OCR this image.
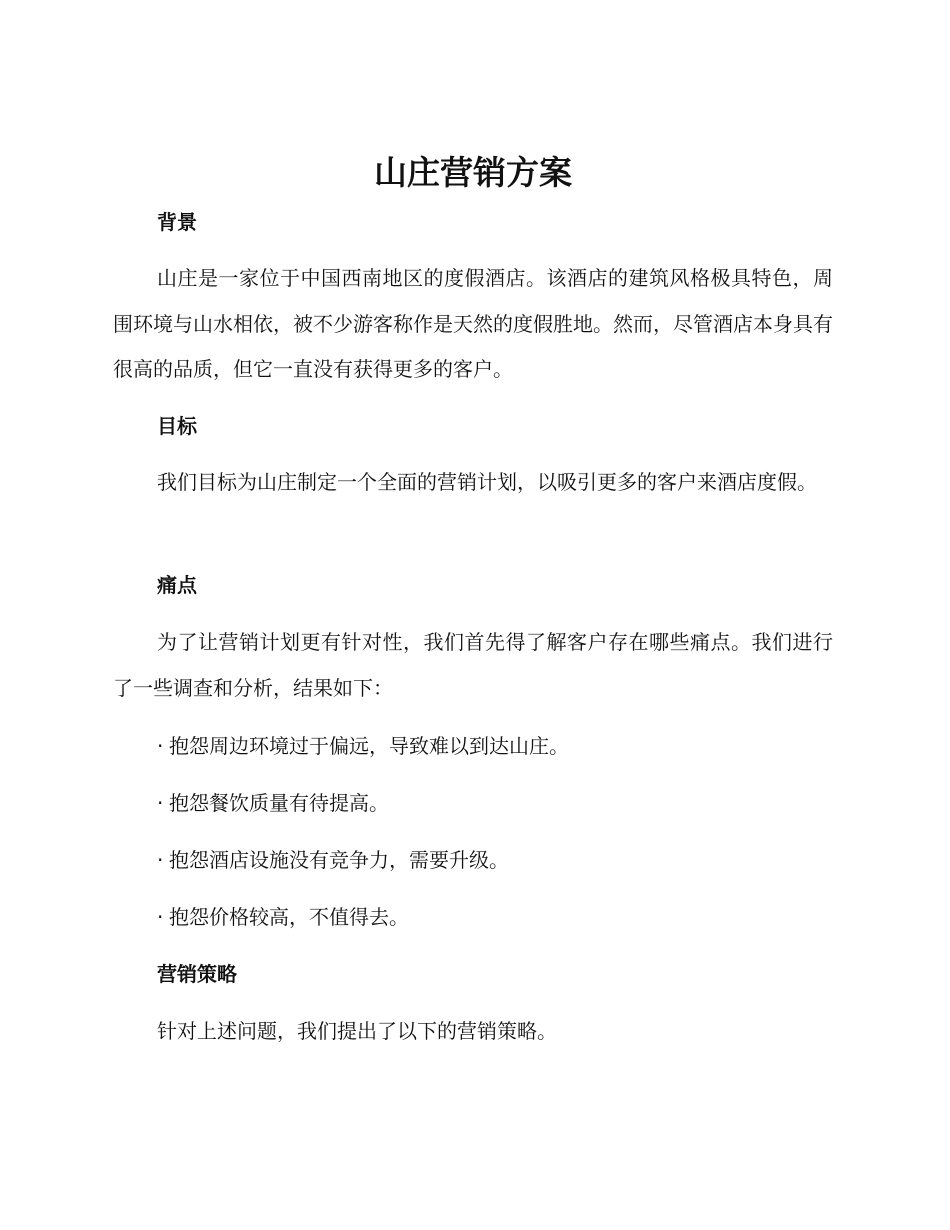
山庄营销方案
背景

山庄是一家位于中国西南地区的度假酒店。该酒店的建筑风格极具特色，周围环境与山水相依，被不少游客称作是天然的度假胜地。然而，尽管酒店本身具有很高的品质，但它一直没有获得更多的客户。

目标

我们目标为山庄制定一个全面的营销计划，以吸引更多的客户来酒店度假。

痛点

为了让营销计划更有针对性，我们首先得了解客户存在哪些痛点。我们进行了一些调查和分析，结果如下：

· 抱怨周边环境过于偏远，导致难以到达山庄。

· 抱怨餐饮质量有待提高。

· 抱怨酒店设施没有竞争力，需要升级。

· 抱怨价格较高，不值得去。

营销策略

针对上述问题，我们提出了以下的营销策略。
